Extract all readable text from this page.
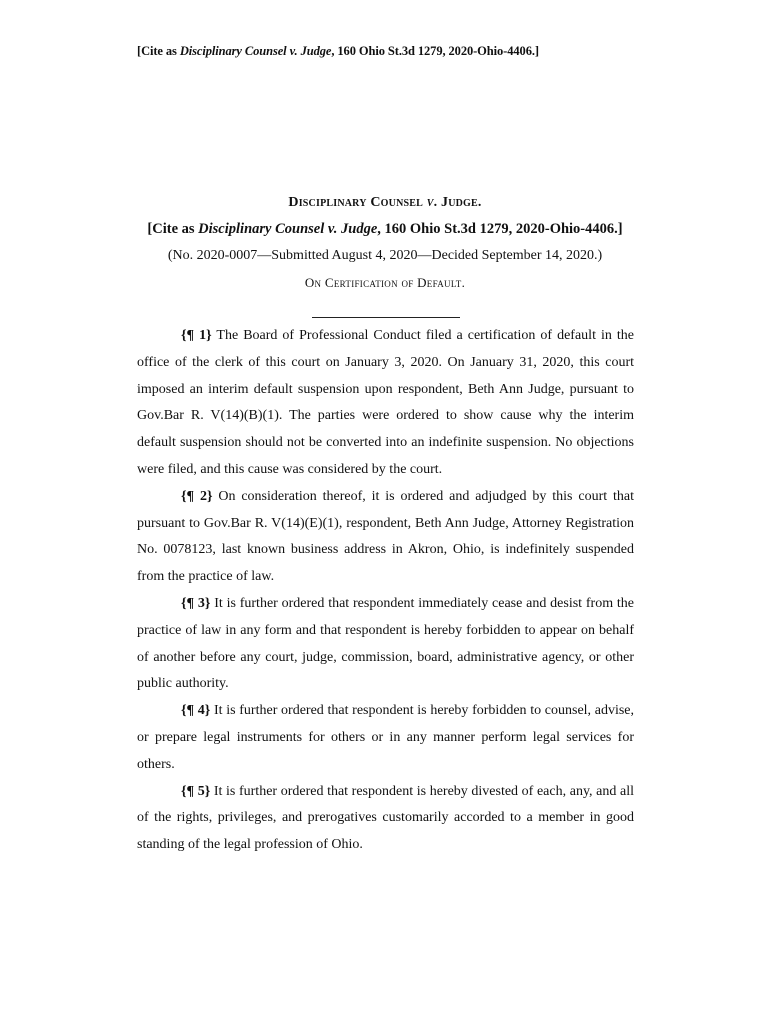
[Cite as Disciplinary Counsel v. Judge, 160 Ohio St.3d 1279, 2020-Ohio-4406.]
Disciplinary Counsel v. Judge.
[Cite as Disciplinary Counsel v. Judge, 160 Ohio St.3d 1279, 2020-Ohio-4406.]
(No. 2020-0007—Submitted August 4, 2020—Decided September 14, 2020.)
On Certification of Default.

{¶ 1} The Board of Professional Conduct filed a certification of default in the office of the clerk of this court on January 3, 2020. On January 31, 2020, this court imposed an interim default suspension upon respondent, Beth Ann Judge, pursuant to Gov.Bar R. V(14)(B)(1). The parties were ordered to show cause why the interim default suspension should not be converted into an indefinite suspension. No objections were filed, and this cause was considered by the court.

{¶ 2} On consideration thereof, it is ordered and adjudged by this court that pursuant to Gov.Bar R. V(14)(E)(1), respondent, Beth Ann Judge, Attorney Registration No. 0078123, last known business address in Akron, Ohio, is indefinitely suspended from the practice of law.

{¶ 3} It is further ordered that respondent immediately cease and desist from the practice of law in any form and that respondent is hereby forbidden to appear on behalf of another before any court, judge, commission, board, administrative agency, or other public authority.

{¶ 4} It is further ordered that respondent is hereby forbidden to counsel, advise, or prepare legal instruments for others or in any manner perform legal services for others.

{¶ 5} It is further ordered that respondent is hereby divested of each, any, and all of the rights, privileges, and prerogatives customarily accorded to a member in good standing of the legal profession of Ohio.
